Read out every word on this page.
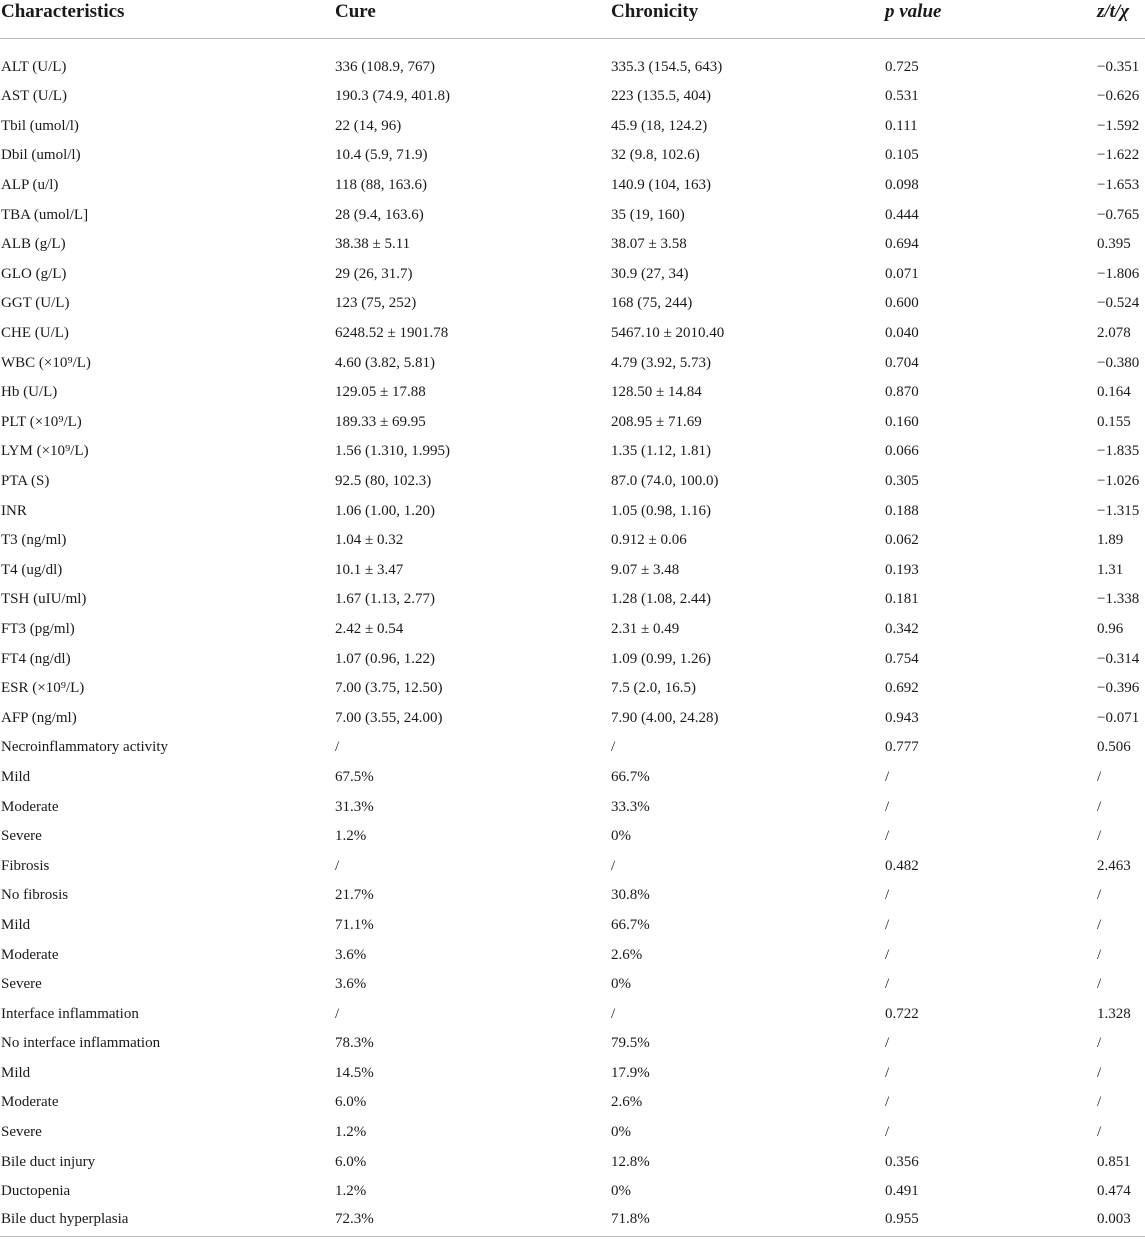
Characteristics	Cure	Chronicity	p value	z/t/χ
ALT (U/L)	336 (108.9, 767)	335.3 (154.5, 643)	0.725	−0.351
AST (U/L)	190.3 (74.9, 401.8)	223 (135.5, 404)	0.531	−0.626
Tbil (umol/l)	22 (14, 96)	45.9 (18, 124.2)	0.111	−1.592
Dbil (umol/l)	10.4 (5.9, 71.9)	32 (9.8, 102.6)	0.105	−1.622
ALP (u/l)	118 (88, 163.6)	140.9 (104, 163)	0.098	−1.653
TBA (umol/L]	28 (9.4, 163.6)	35 (19, 160)	0.444	−0.765
ALB (g/L)	38.38 ± 5.11	38.07 ± 3.58	0.694	0.395
GLO (g/L)	29 (26, 31.7)	30.9 (27, 34)	0.071	−1.806
GGT (U/L)	123 (75, 252)	168 (75, 244)	0.600	−0.524
CHE (U/L)	6248.52 ± 1901.78	5467.10 ± 2010.40	0.040	2.078
WBC (×10⁹/L)	4.60 (3.82, 5.81)	4.79 (3.92, 5.73)	0.704	−0.380
Hb (U/L)	129.05 ± 17.88	128.50 ± 14.84	0.870	0.164
PLT (×10⁹/L)	189.33 ± 69.95	208.95 ± 71.69	0.160	0.155
LYM (×10⁹/L)	1.56 (1.310, 1.995)	1.35 (1.12, 1.81)	0.066	−1.835
PTA (S)	92.5 (80, 102.3)	87.0 (74.0, 100.0)	0.305	−1.026
INR	1.06 (1.00, 1.20)	1.05 (0.98, 1.16)	0.188	−1.315
T3 (ng/ml)	1.04 ± 0.32	0.912 ± 0.06	0.062	1.89
T4 (ug/dl)	10.1 ± 3.47	9.07 ± 3.48	0.193	1.31
TSH (uIU/ml)	1.67 (1.13, 2.77)	1.28 (1.08, 2.44)	0.181	−1.338
FT3 (pg/ml)	2.42 ± 0.54	2.31 ± 0.49	0.342	0.96
FT4 (ng/dl)	1.07 (0.96, 1.22)	1.09 (0.99, 1.26)	0.754	−0.314
ESR (×10⁹/L)	7.00 (3.75, 12.50)	7.5 (2.0, 16.5)	0.692	−0.396
AFP (ng/ml)	7.00 (3.55, 24.00)	7.90 (4.00, 24.28)	0.943	−0.071
Necroinflammatory activity	/	/	0.777	0.506
Mild	67.5%	66.7%	/	/
Moderate	31.3%	33.3%	/	/
Severe	1.2%	0%	/	/
Fibrosis	/	/	0.482	2.463
No fibrosis	21.7%	30.8%	/	/
Mild	71.1%	66.7%	/	/
Moderate	3.6%	2.6%	/	/
Severe	3.6%	0%	/	/
Interface inflammation	/	/	0.722	1.328
No interface inflammation	78.3%	79.5%	/	/
Mild	14.5%	17.9%	/	/
Moderate	6.0%	2.6%	/	/
Severe	1.2%	0%	/	/
Bile duct injury	6.0%	12.8%	0.356	0.851
Ductopenia	1.2%	0%	0.491	0.474
Bile duct hyperplasia	72.3%	71.8%	0.955	0.003
